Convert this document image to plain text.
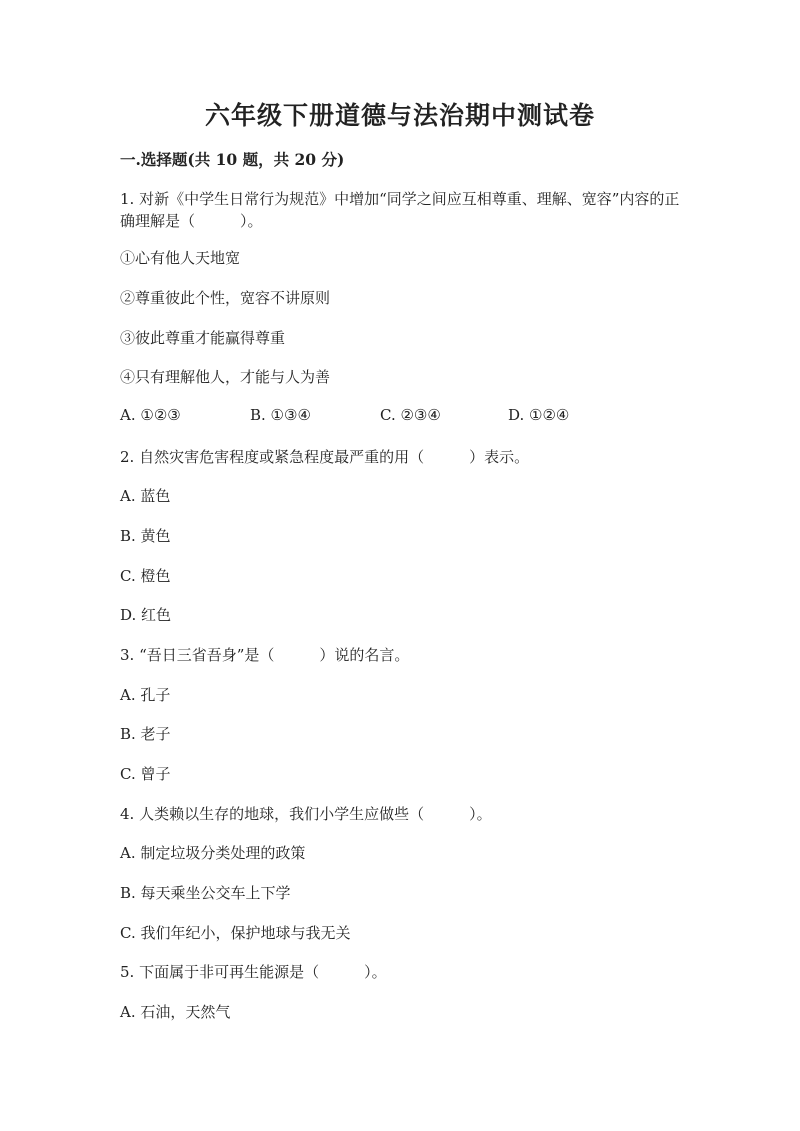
六年级下册道德与法治期中测试卷

一.选择题(共 10 题，共 20 分)

1. 对新《中学生日常行为规范》中增加“同学之间应互相尊重、理解、宽容”内容的正确理解是（　　　）。

①心有他人天地宽

②尊重彼此个性，宽容不讲原则

③彼此尊重才能赢得尊重

④只有理解他人，才能与人为善

A. ①②③	B. ①③④	C. ②③④	D. ①②④

2. 自然灾害危害程度或紧急程度最严重的用（　　　）表示。

A. 蓝色

B. 黄色

C. 橙色

D. 红色

3. “吾日三省吾身”是（　　　）说的名言。

A. 孔子

B. 老子

C. 曾子

4. 人类赖以生存的地球，我们小学生应做些（　　　）。

A. 制定垃圾分类处理的政策

B. 每天乘坐公交车上下学

C. 我们年纪小，保护地球与我无关

5. 下面属于非可再生能源是（　　　）。

A. 石油，天然气
